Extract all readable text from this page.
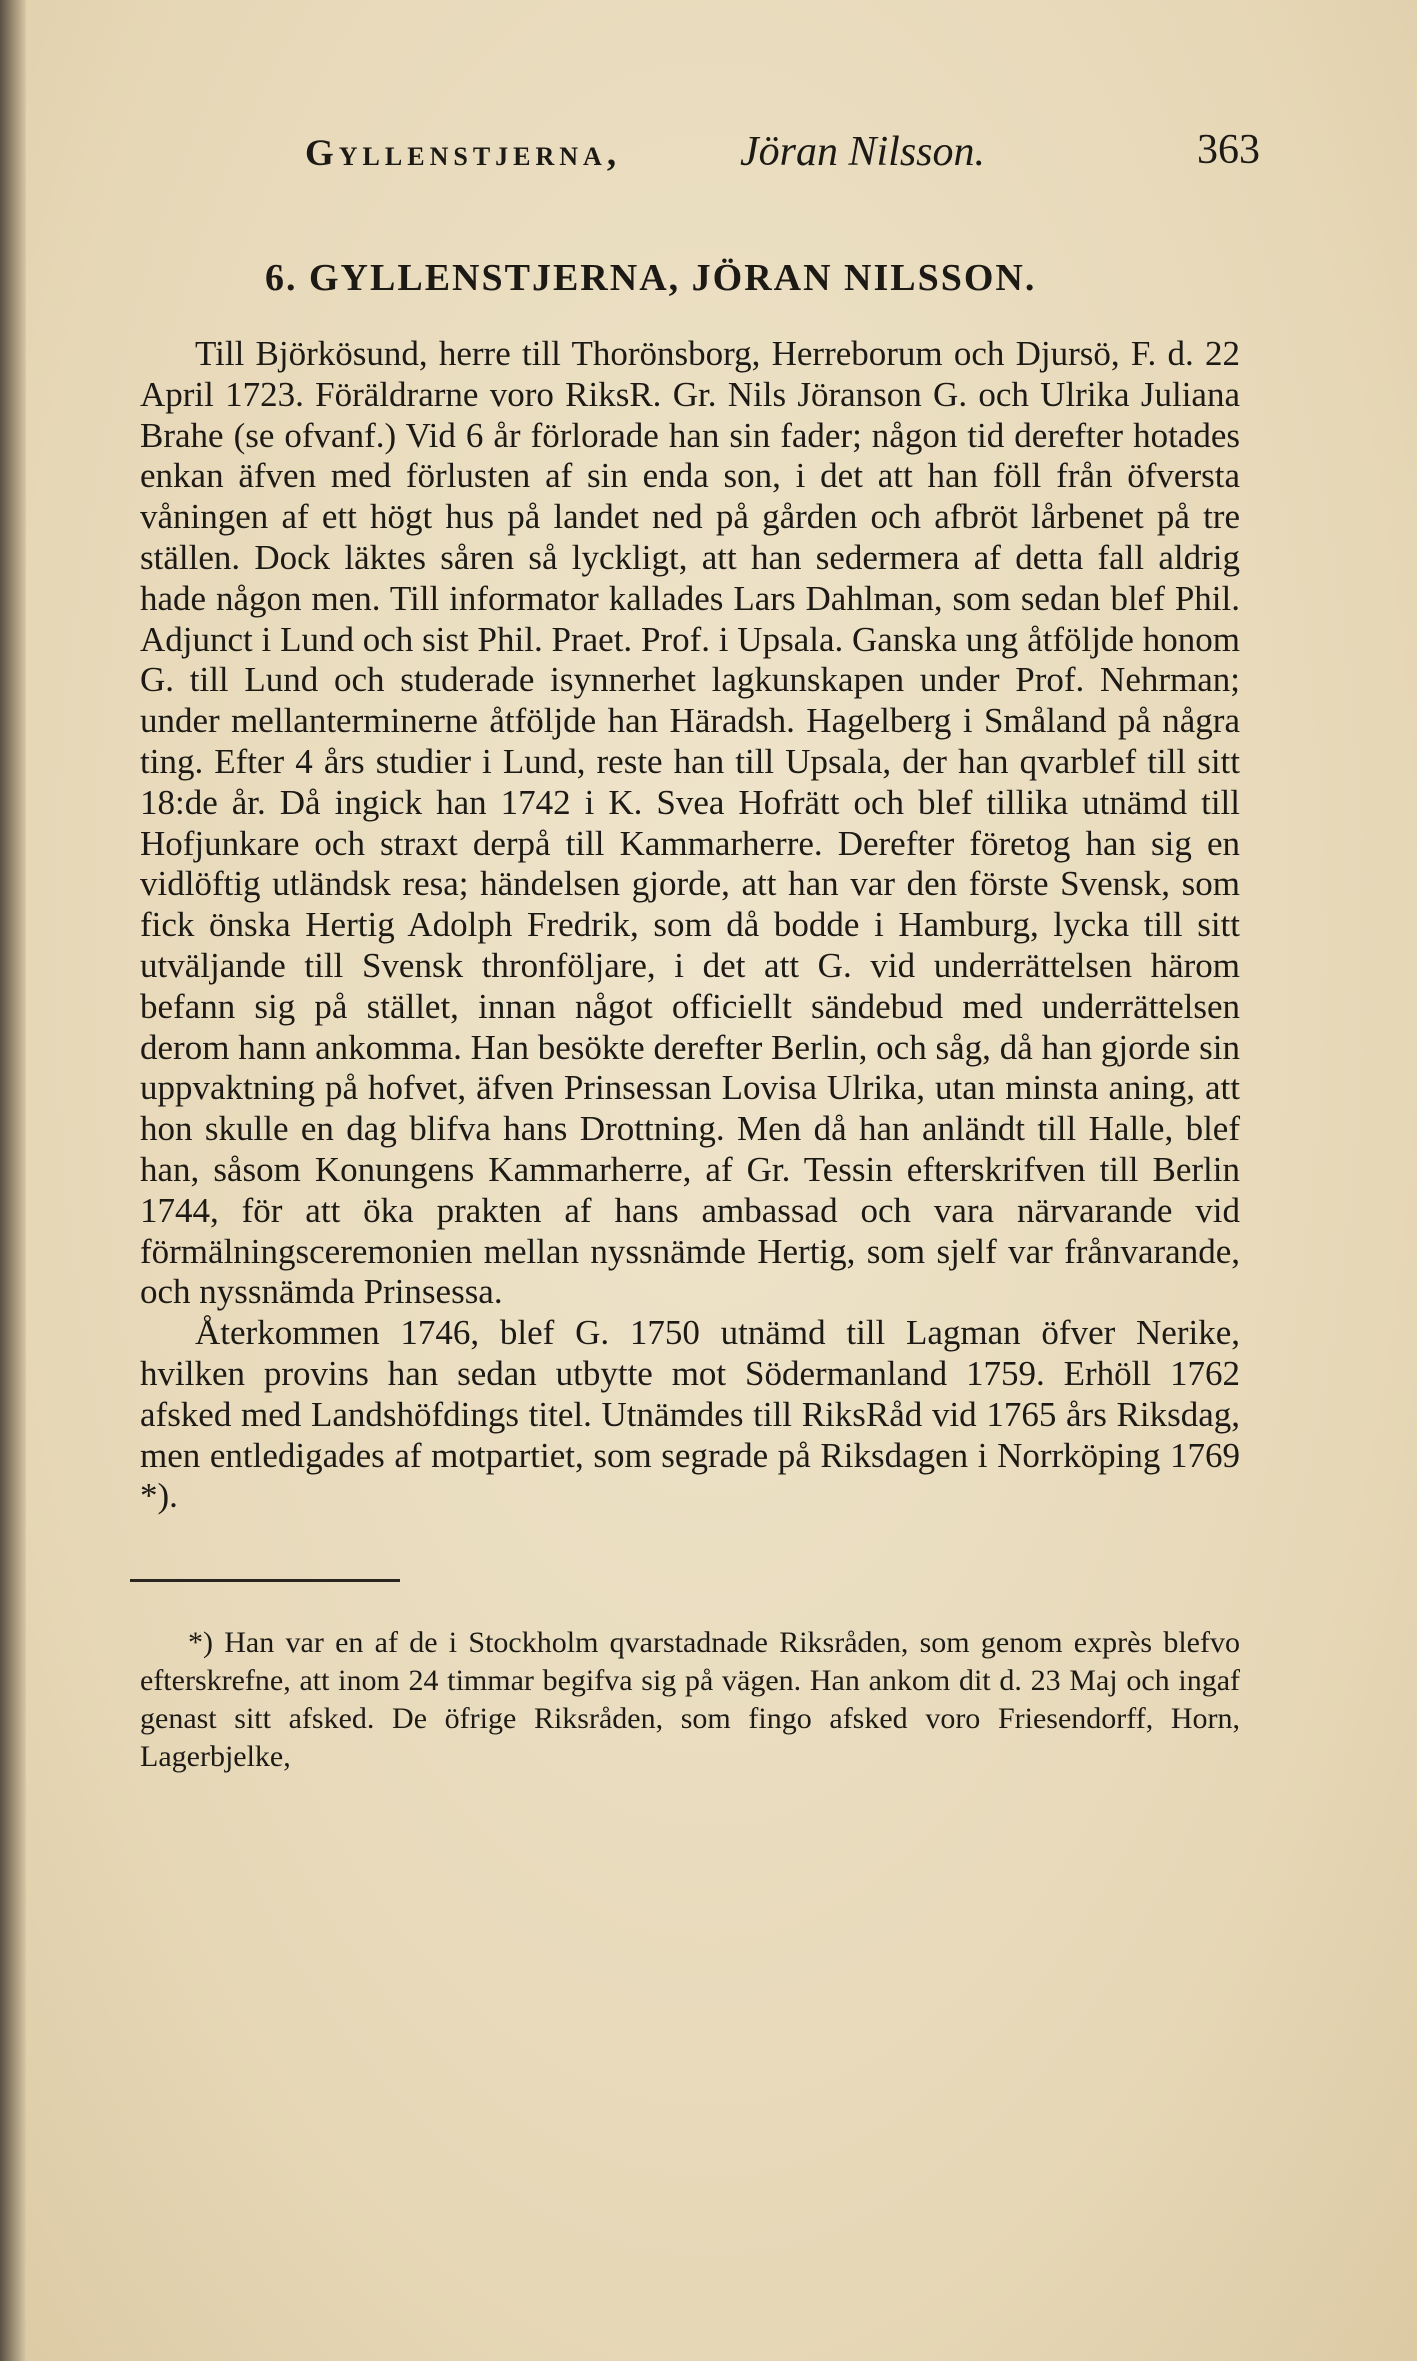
Gyllenstjerna,	Jöran Nilsson.	363
6. GYLLENSTJERNA, JÖRAN NILSSON.

Till Björkösund, herre till Thorönsborg, Herreborum och Djursö, F. d. 22 April 1723. Föräldrarne voro RiksR. Gr. Nils Jöranson G. och Ulrika Juliana Brahe (se ofvanf.) Vid 6 år förlorade han sin fader; någon tid derefter hotades enkan äfven med förlusten af sin enda son, i det att han föll från öfversta våningen af ett högt hus på landet ned på gården och afbröt lårbenet på tre ställen. Dock läktes såren så lyckligt, att han sedermera af detta fall aldrig hade någon men. Till informator kallades Lars Dahlman, som sedan blef Phil. Adjunct i Lund och sist Phil. Praet. Prof. i Upsala. Ganska ung åtföljde honom G. till Lund och studerade isynnerhet lagkunskapen under Prof. Nehrman; under mellanterminerne åtföljde han Häradsh. Hagelberg i Småland på några ting. Efter 4 års studier i Lund, reste han till Upsala, der han qvarblef till sitt 18:de år. Då ingick han 1742 i K. Svea Hofrätt och blef tillika utnämd till Hofjunkare och straxt derpå till Kammarherre. Derefter företog han sig en vidlöftig utländsk resa; händelsen gjorde, att han var den förste Svensk, som fick önska Hertig Adolph Fredrik, som då bodde i Hamburg, lycka till sitt utväljande till Svensk thronföljare, i det att G. vid underrättelsen härom befann sig på stället, innan något officiellt sändebud med underrättelsen derom hann ankomma. Han besökte derefter Berlin, och såg, då han gjorde sin uppvaktning på hofvet, äfven Prinsessan Lovisa Ulrika, utan minsta aning, att hon skulle en dag blifva hans Drottning. Men då han anländt till Halle, blef han, såsom Konungens Kammarherre, af Gr. Tessin efterskrifven till Berlin 1744, för att öka prakten af hans ambassad och vara närvarande vid förmälningsceremonien mellan nyssnämde Hertig, som sjelf var frånvarande, och nyssnämda Prinsessa.

Återkommen 1746, blef G. 1750 utnämd till Lagman öfver Nerike, hvilken provins han sedan utbytte mot Södermanland 1759. Erhöll 1762 afsked med Landshöfdings titel. Utnämdes till RiksRåd vid 1765 års Riksdag, men entledigades af motpartiet, som segrade på Riksdagen i Norrköping 1769 *).

*) Han var en af de i Stockholm qvarstadnade Riksråden, som genom exprès blefvo efterskrefne, att inom 24 timmar begifva sig på vägen. Han ankom dit d. 23 Maj och ingaf genast sitt afsked. De öfrige Riksråden, som fingo afsked voro Friesendorff, Horn, Lagerbjelke,
